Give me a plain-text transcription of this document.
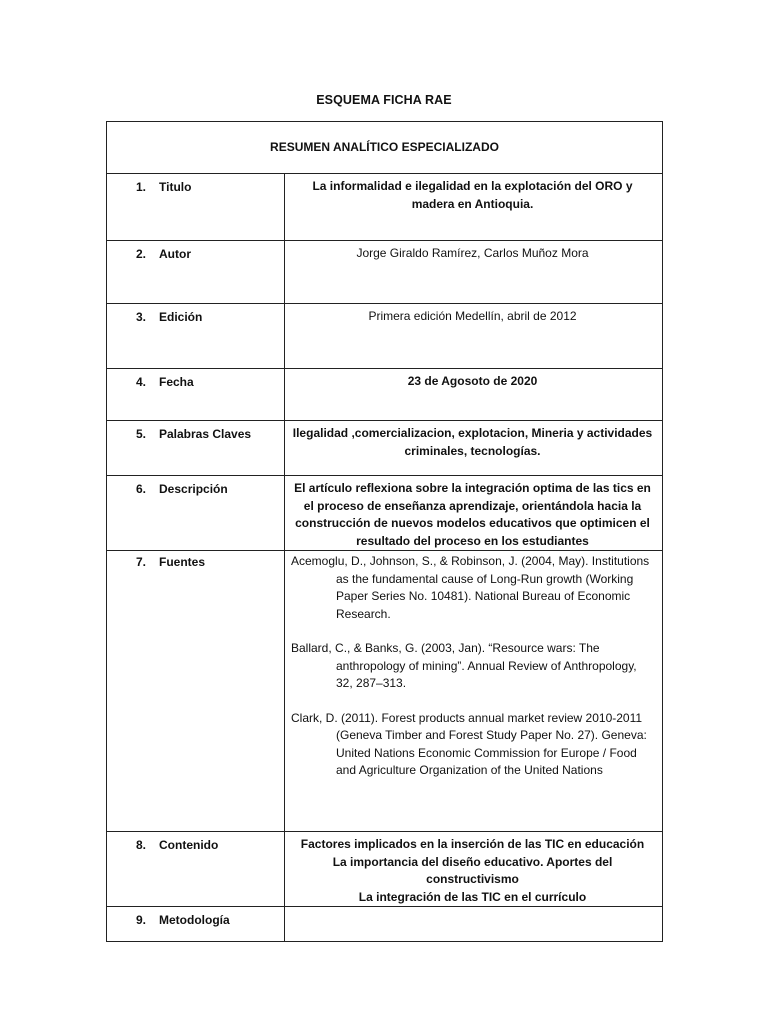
ESQUEMA FICHA RAE
RESUMEN ANALÍTICO ESPECIALIZADO	
1. Titulo	La informalidad e ilegalidad en la explotación del ORO y madera en Antioquia.
2. Autor	Jorge Giraldo Ramírez, Carlos Muñoz Mora
3. Edición	Primera edición Medellín, abril de 2012
4. Fecha	23 de Agosoto de 2020
5. Palabras Claves	Ilegalidad ,comercializacion, explotacion, Mineria y actividades criminales, tecnologías.
6. Descripción	El artículo reflexiona sobre la integración optima de las tics en el proceso de enseñanza aprendizaje, orientándola hacia la construcción de nuevos modelos educativos que optimicen el resultado del proceso en los estudiantes
7. Fuentes	Acemoglu, D., Johnson, S., & Robinson, J. (2004, May). Institutions as the fundamental cause of Long-Run growth (Working Paper Series No. 10481). National Bureau of Economic Research.

Ballard, C., & Banks, G. (2003, Jan). “Resource wars: The anthropology of mining”. Annual Review of Anthropology, 32, 287–313.

Clark, D. (2011). Forest products annual market review 2010-2011 (Geneva Timber and Forest Study Paper No. 27). Geneva: United Nations Economic Commission for Europe / Food and Agriculture Organization of the United Nations

8. Contenido	Factores implicados en la inserción de las TIC en educación
La importancia del diseño educativo. Aportes del constructivismo
La integración de las TIC en el currículo

9. Metodología	
